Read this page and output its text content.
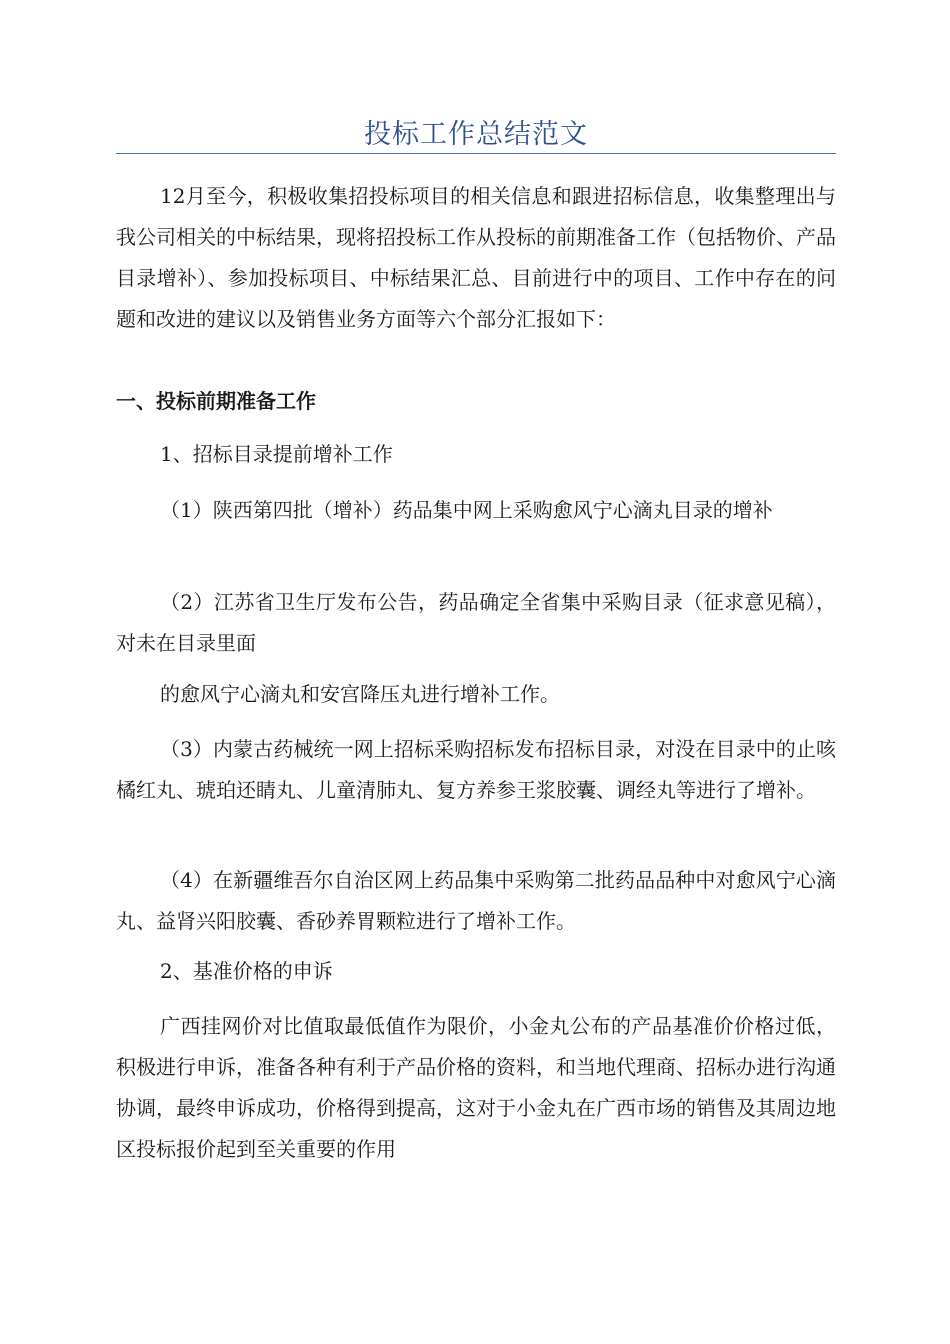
投标工作总结范文

12月至今，积极收集招投标项目的相关信息和跟进招标信息，收集整理出与我公司相关的中标结果，现将招投标工作从投标的前期准备工作（包括物价、产品目录增补）、参加投标项目、中标结果汇总、目前进行中的项目、工作中存在的问题和改进的建议以及销售业务方面等六个部分汇报如下：

一、投标前期准备工作

1、招标目录提前增补工作

（1）陕西第四批（增补）药品集中网上采购愈风宁心滴丸目录的增补

（2）江苏省卫生厅发布公告，药品确定全省集中采购目录（征求意见稿），对未在目录里面

的愈风宁心滴丸和安宫降压丸进行增补工作。

（3）内蒙古药械统一网上招标采购招标发布招标目录，对没在目录中的止咳橘红丸、琥珀还睛丸、儿童清肺丸、复方养参王浆胶囊、调经丸等进行了增补。

（4）在新疆维吾尔自治区网上药品集中采购第二批药品品种中对愈风宁心滴丸、益肾兴阳胶囊、香砂养胃颗粒进行了增补工作。

2、基准价格的申诉

广西挂网价对比值取最低值作为限价，小金丸公布的产品基准价价格过低，积极进行申诉，准备各种有利于产品价格的资料，和当地代理商、招标办进行沟通协调，最终申诉成功，价格得到提高，这对于小金丸在广西市场的销售及其周边地区投标报价起到至关重要的作用
